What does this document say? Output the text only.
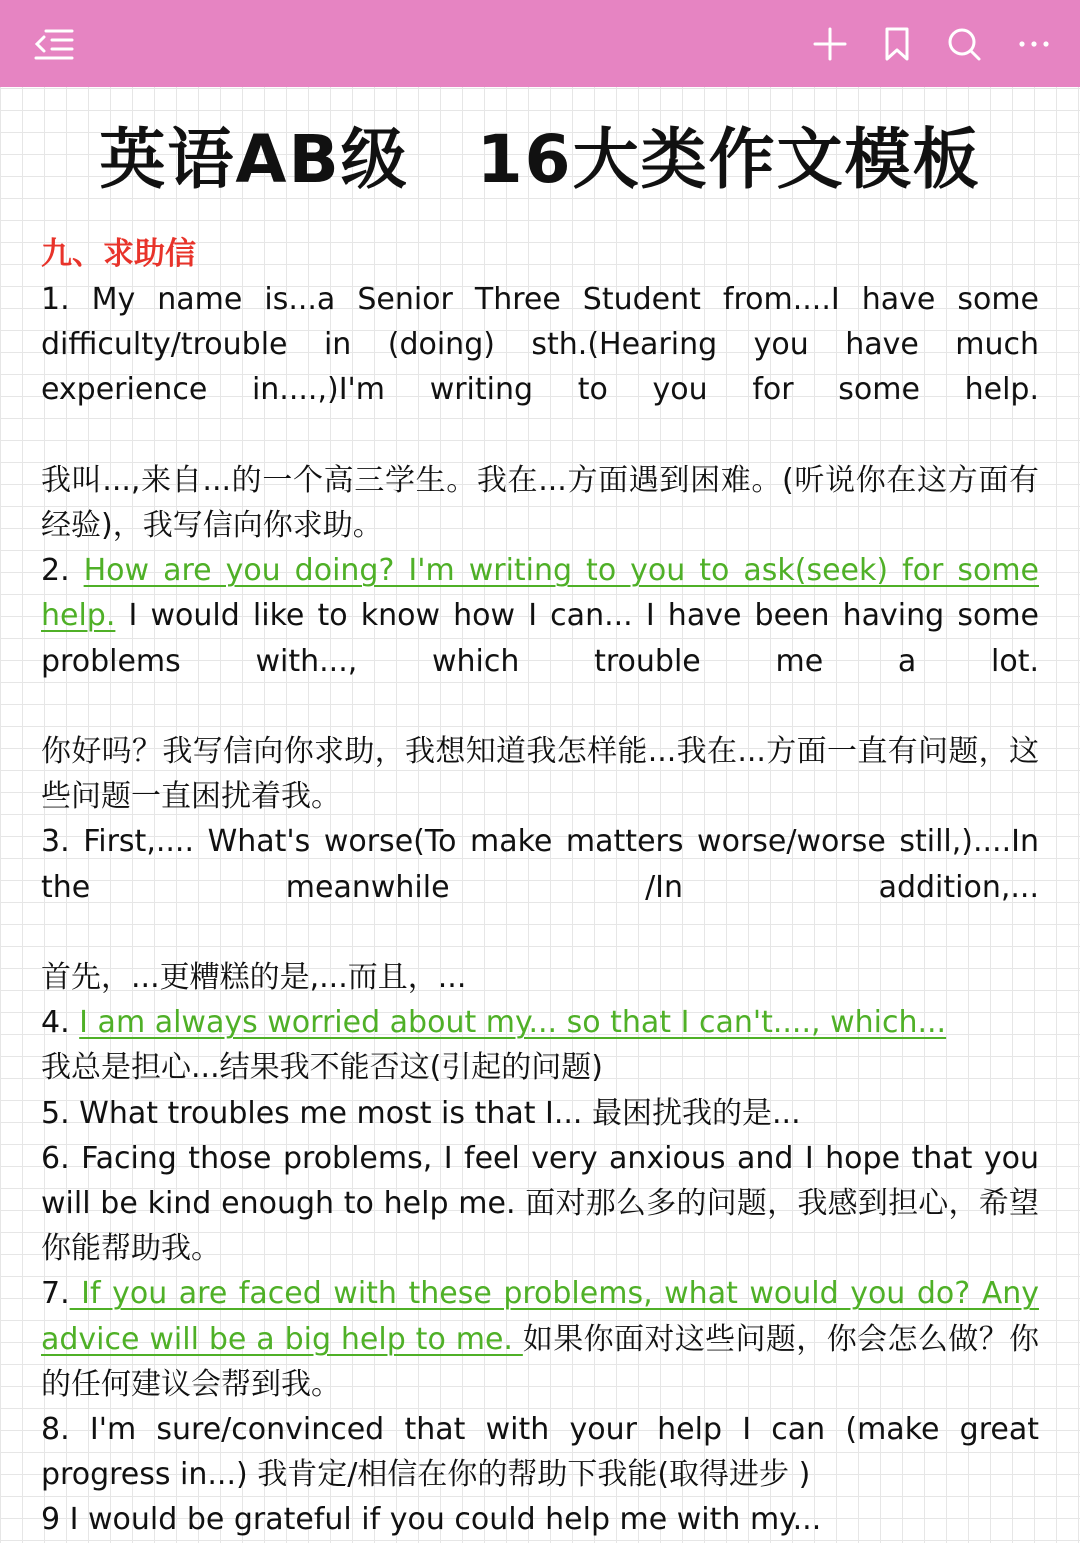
英语AB级　16大类作文模板
九、求助信

1. My name is...a Senior Three Student from....I have some difficulty/trouble in (doing) sth.(Hearing you have much experience in....,)I'm writing to you for some help.

我叫...,来自...的一个高三学生。我在...方面遇到困难。(听说你在这方面有经验)，我写信向你求助。

2. How are you doing? I'm writing to you to ask(seek) for some help. I would like to know how I can... I have been having some problems with..., which trouble me a lot.

你好吗？我写信向你求助，我想知道我怎样能...我在...方面一直有问题，这些问题一直困扰着我。

3. First,.... What's worse(To make matters worse/worse still,)....In the meanwhile /In addition,...

首先，...更糟糕的是,...而且，...

4. I am always worried about my... so that I can't...., which...

我总是担心...结果我不能否这(引起的问题)

5. What troubles me most is that I... 最困扰我的是...

6. Facing those problems, I feel very anxious and I hope that you will be kind enough to help me. 面对那么多的问题，我感到担心，希望你能帮助我。

7. If you are faced with these problems, what would you do? Any advice will be a big help to me. 如果你面对这些问题，你会怎么做？你的任何建议会帮到我。

8. I'm sure/convinced that with your help I can (make great progress in...) 我肯定/相信在你的帮助下我能(取得进步 )

9 I would be grateful if you could help me with my...
